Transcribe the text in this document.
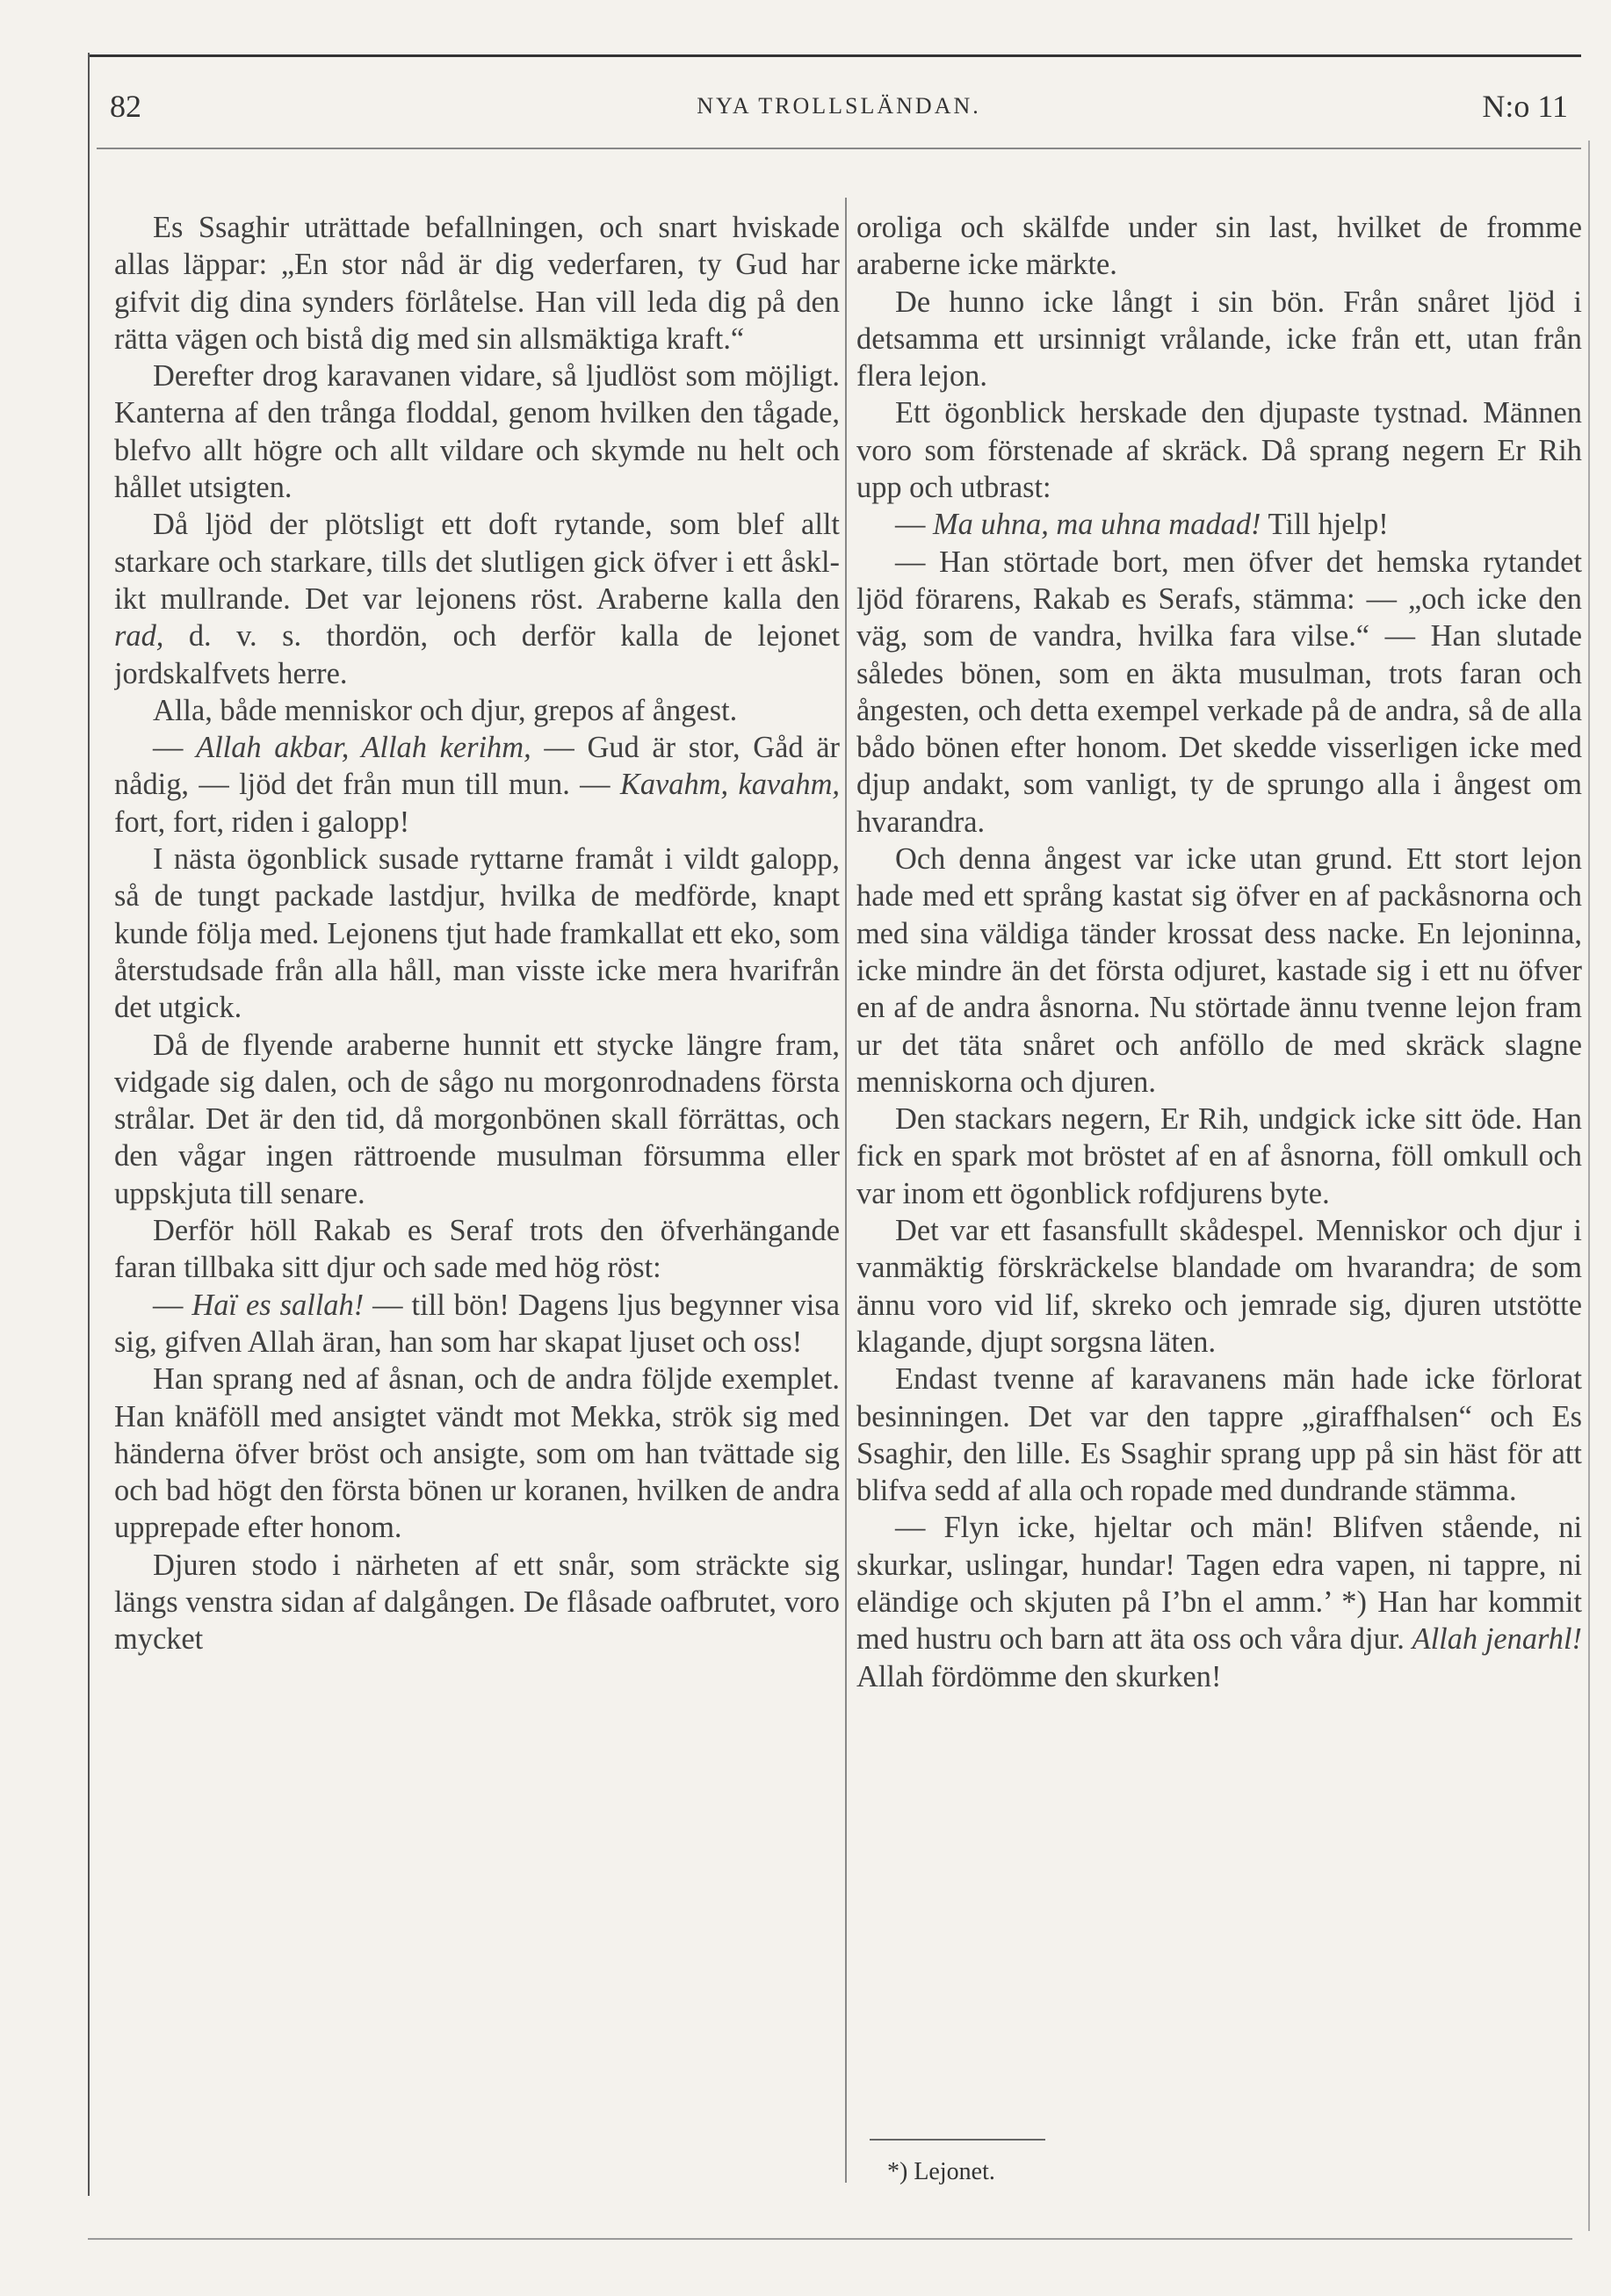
82	NYA TROLLSLÄNDAN.	N:o 11

Es Ssaghir uträttade befallningen, och snart hviskade allas läppar: „En stor nåd är dig vederfaren, ty Gud har gifvit dig dina synders förlåtelse. Han vill leda dig på den rätta vägen och bistå dig med sin allsmäktiga kraft.“

Derefter drog karavanen vidare, så ljudlöst som möjligt. Kanterna af den trånga floddal, genom hvilken den tågade, blefvo allt högre och allt vildare och skymde nu helt och hållet utsigten.

Då ljöd der plötsligt ett doft rytande, som blef allt starkare och starkare, tills det slutligen gick öfver i ett åsklikt mullrande. Det var lejonens röst. Araberne kalla den rad, d. v. s. thordön, och derför kalla de lejonet jordskalfvets herre.

Alla, både menniskor och djur, grepos af ångest.

— Allah akbar, Allah kerihm, — Gud är stor, Gåd är nådig, — ljöd det från mun till mun. — Kavahm, kavahm, fort, fort, riden i galopp!

I nästa ögonblick susade ryttarne framåt i vildt galopp, så de tungt packade lastdjur, hvilka de medförde, knapt kunde följa med. Lejonens tjut hade framkallat ett eko, som återstudsade från alla håll, man visste icke mera hvarifrån det utgick.

Då de flyende araberne hunnit ett stycke längre fram, vidgade sig dalen, och de sågo nu morgonrodnadens första strålar. Det är den tid, då morgonbönen skall förrättas, och den vågar ingen rättroende musulman försumma eller uppskjuta till senare.

Derför höll Rakab es Seraf trots den öfverhängande faran tillbaka sitt djur och sade med hög röst:

— Haï es sallah! — till bön! Dagens ljus begynner visa sig, gifven Allah äran, han som har skapat ljuset och oss!

Han sprang ned af åsnan, och de andra följde exemplet. Han knäföll med ansigtet vändt mot Mekka, strök sig med händerna öfver bröst och ansigte, som om han tvättade sig och bad högt den första bönen ur koranen, hvilken de andra upprepade efter honom.

Djuren stodo i närheten af ett snår, som sträckte sig längs venstra sidan af dalgången. De flåsade oafbrutet, voro mycket

oroliga och skälfde under sin last, hvilket de fromme araberne icke märkte.

De hunno icke långt i sin bön. Från snåret ljöd i detsamma ett ursinnigt vrålande, icke från ett, utan från flera lejon.

Ett ögonblick herskade den djupaste tystnad. Männen voro som förstenade af skräck. Då sprang negern Er Rih upp och utbrast:

— Ma uhna, ma uhna madad! Till hjelp!

— Han störtade bort, men öfver det hemska rytandet ljöd förarens, Rakab es Serafs, stämma: — „och icke den väg, som de vandra, hvilka fara vilse.“ — Han slutade således bönen, som en äkta musulman, trots faran och ångesten, och detta exempel verkade på de andra, så de alla bådo bönen efter honom. Det skedde visserligen icke med djup andakt, som vanligt, ty de sprungo alla i ångest om hvarandra.

Och denna ångest var icke utan grund. Ett stort lejon hade med ett språng kastat sig öfver en af packåsnorna och med sina väldiga tänder krossat dess nacke. En lejoninna, icke mindre än det första odjuret, kastade sig i ett nu öfver en af de andra åsnorna. Nu störtade ännu tvenne lejon fram ur det täta snåret och anföllo de med skräck slagne menniskorna och djuren.

Den stackars negern, Er Rih, undgick icke sitt öde. Han fick en spark mot bröstet af en af åsnorna, föll omkull och var inom ett ögonblick rofdjurens byte.

Det var ett fasansfullt skådespel. Menniskor och djur i vanmäktig förskräckelse blandade om hvarandra; de som ännu voro vid lif, skreko och jemrade sig, djuren utstötte klagande, djupt sorgsna läten.

Endast tvenne af karavanens män hade icke förlorat besinningen. Det var den tappre „giraffhalsen“ och Es Ssaghir, den lille. Es Ssaghir sprang upp på sin häst för att blifva sedd af alla och ropade med dundrande stämma.

— Flyn icke, hjeltar och män! Blifven stående, ni skurkar, uslingar, hundar! Tagen edra vapen, ni tappre, ni eländige och skjuten på I’bn el amm.’ *) Han har kommit med hustru och barn att äta oss och våra djur. Allah jenarhl! Allah fördömme den skurken!

*) Lejonet.
